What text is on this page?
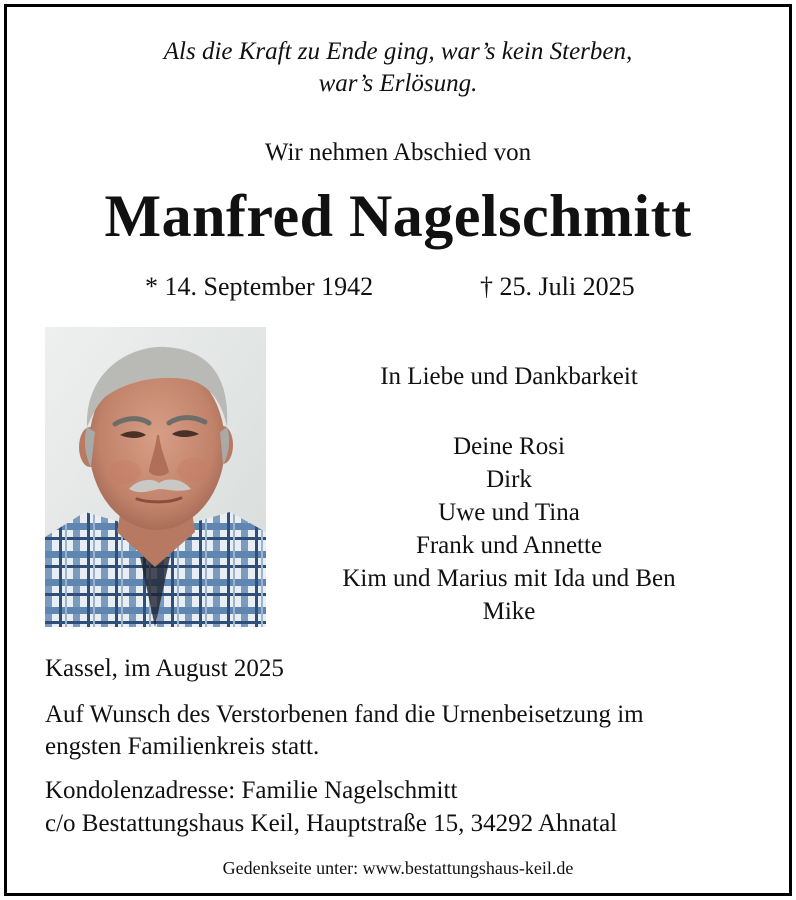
Als die Kraft zu Ende ging, war’s kein Sterben,
war’s Erlösung.
Wir nehmen Abschied von
Manfred Nagelschmitt
* 14. September 1942	† 25. Juli 2025
In Liebe und Dankbarkeit
Deine Rosi
Dirk
Uwe und Tina
Frank und Annette
Kim und Marius mit Ida und Ben
Mike
Kassel, im August 2025
Auf Wunsch des Verstorbenen fand die Urnenbeisetzung im
engsten Familienkreis statt.
Kondolenzadresse: Familie Nagelschmitt
c/o Bestattungshaus Keil, Hauptstraße 15, 34292 Ahnatal
Gedenkseite unter: www.bestattungshaus-keil.de
